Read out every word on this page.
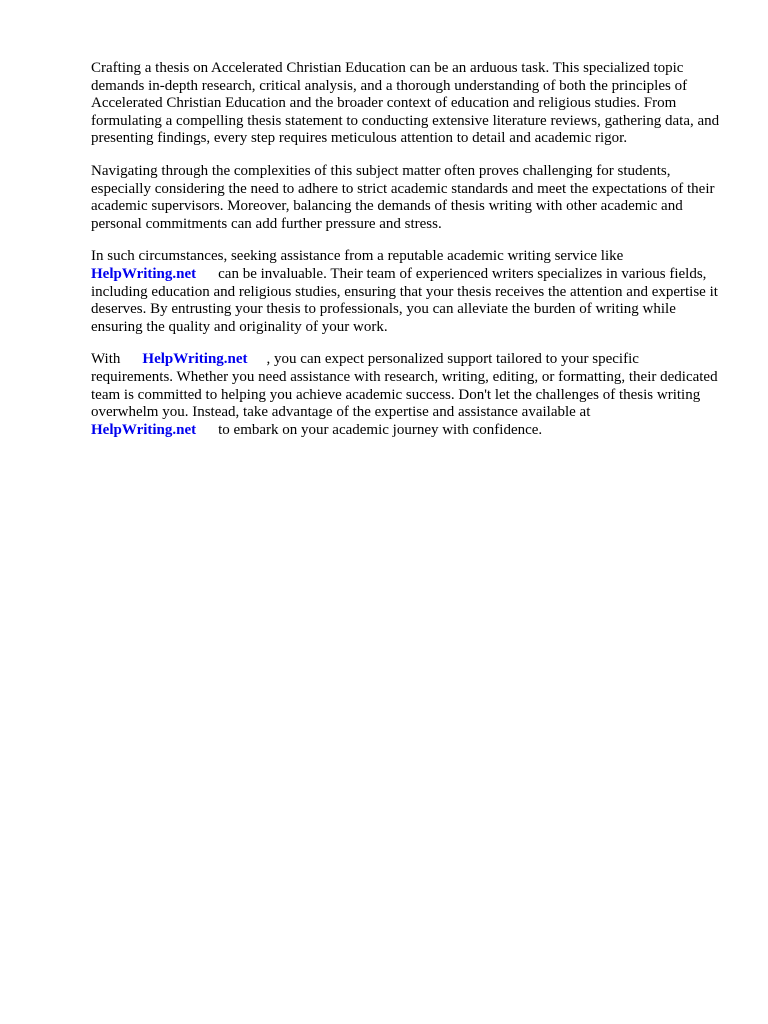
Crafting a thesis on Accelerated Christian Education can be an arduous task. This specialized topic demands in-depth research, critical analysis, and a thorough understanding of both the principles of Accelerated Christian Education and the broader context of education and religious studies. From formulating a compelling thesis statement to conducting extensive literature reviews, gathering data, and presenting findings, every step requires meticulous attention to detail and academic rigor.

Navigating through the complexities of this subject matter often proves challenging for students, especially considering the need to adhere to strict academic standards and meet the expectations of their academic supervisors. Moreover, balancing the demands of thesis writing with other academic and personal commitments can add further pressure and stress.

In such circumstances, seeking assistance from a reputable academic writing service like
HelpWriting.net can be invaluable. Their team of experienced writers specializes in various fields, including education and religious studies, ensuring that your thesis receives the attention and expertise it deserves. By entrusting your thesis to professionals, you can alleviate the burden of writing while ensuring the quality and originality of your work.

With HelpWriting.net , you can expect personalized support tailored to your specific requirements. Whether you need assistance with research, writing, editing, or formatting, their dedicated team is committed to helping you achieve academic success. Don't let the challenges of thesis writing overwhelm you. Instead, take advantage of the expertise and assistance available at
HelpWriting.net to embark on your academic journey with confidence.
